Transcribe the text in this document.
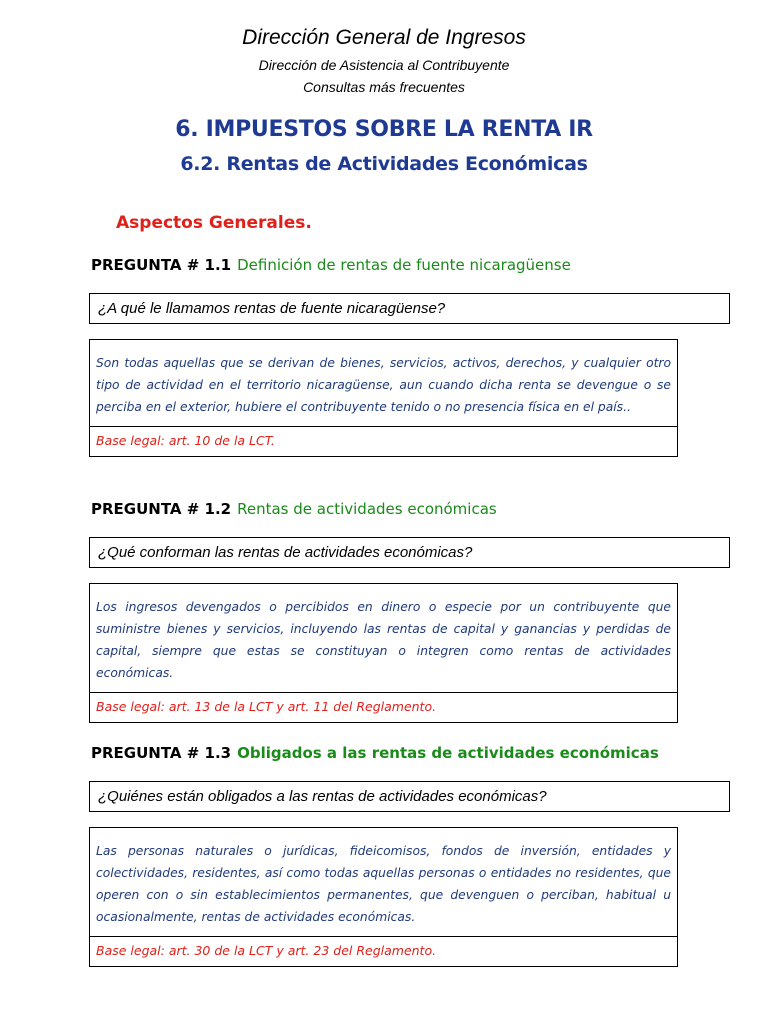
Dirección General de Ingresos
Dirección de Asistencia al Contribuyente
Consultas más frecuentes
6. IMPUESTOS SOBRE LA RENTA IR
6.2. Rentas de Actividades Económicas
Aspectos Generales.
PREGUNTA # 1.1 Definición de rentas de fuente nicaragüense
¿A qué le llamamos rentas de fuente nicaragüense?
Son todas aquellas que se derivan de bienes, servicios, activos, derechos, y cualquier otro tipo de actividad en el territorio nicaragüense, aun cuando dicha renta se devengue o se perciba en el exterior, hubiere el contribuyente tenido o no presencia física en el país..
Base legal: art. 10 de la LCT.
PREGUNTA # 1.2 Rentas de actividades económicas
¿Qué conforman las rentas de actividades económicas?
Los ingresos devengados o percibidos en dinero o especie por un contribuyente que suministre bienes y servicios, incluyendo las rentas de capital y ganancias y perdidas de capital, siempre que estas se constituyan o integren como rentas de actividades económicas.
Base legal: art. 13 de la LCT y art. 11 del Reglamento.
PREGUNTA # 1.3 Obligados a las rentas de actividades económicas
¿Quiénes están obligados a las rentas de actividades económicas?
Las personas naturales o jurídicas, fideicomisos, fondos de inversión, entidades y colectividades, residentes, así como todas aquellas personas o entidades no residentes, que operen con o sin establecimientos permanentes, que devenguen o perciban, habitual u ocasionalmente, rentas de actividades económicas.
Base legal: art. 30 de la LCT y art. 23 del Reglamento.
